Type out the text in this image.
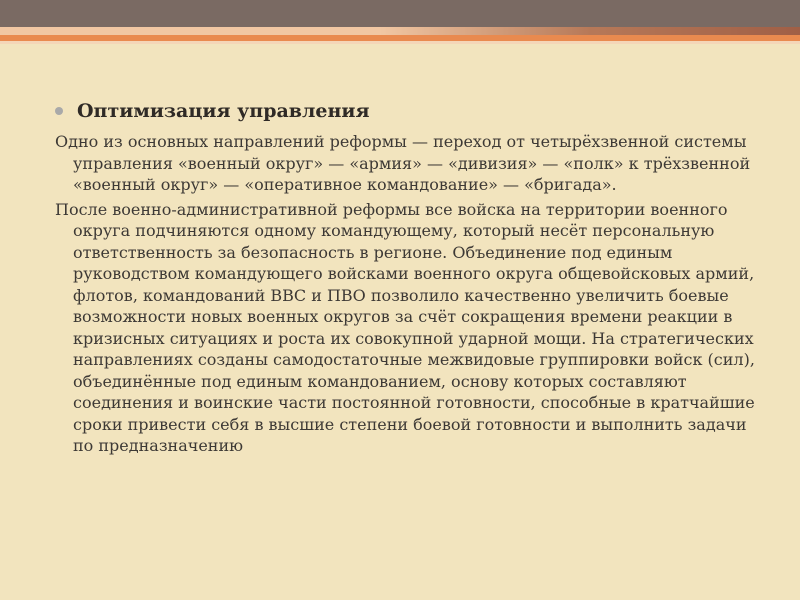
Оптимизация управления

Одно из основных направлений реформы — переход от четырёхзвенной системы управления «военный округ» — «армия» — «дивизия» — «полк» к трёхзвенной «военный округ» — «оперативное командование» — «бригада».

После военно-административной реформы все войска на территории военного округа подчиняются одному командующему, который несёт персональную ответственность за безопасность в регионе. Объединение под единым руководством командующего войсками военного округа общевойсковых армий, флотов, командований ВВС и ПВО позволило качественно увеличить боевые возможности новых военных округов за счёт сокращения времени реакции в кризисных ситуациях и роста их совокупной ударной мощи. На стратегических направлениях созданы самодостаточные межвидовые группировки войск (сил), объединённые под единым командованием, основу которых составляют соединения и воинские части постоянной готовности, способные в кратчайшие сроки привести себя в высшие степени боевой готовности и выполнить задачи по предназначению
